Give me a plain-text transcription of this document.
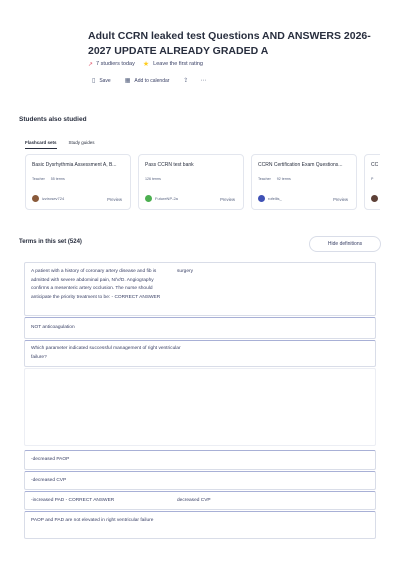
Adult CCRN leaked test Questions AND ANSWERS 2026-2027 UPDATE ALREADY GRADED A
↗ 7 studiers today ★ Leave the first rating
▯ Save ▦ Add to calendar ⇪ ⋯
Students also studied
Flashcard sets	Study guides
Basic Dysrhythmia Assessment A, B...
Teacher 55 terms
izzirosev724	Preview
Pass CCRN test bank
126 terms
FutureNP-2a	Preview
CCRN Certification Exam Questions...
Teacher 92 terms
rofellis_	Preview
CC
P
Terms in this set (524)	Hide definitions
A patient with a history of coronary artery disease and fib is admitted with severe abdominal pain, N/V/D. Angiography confirms a mesenteric artery occlusion. The nurse should anticipate the priority treatment to be: - CORRECT ANSWER
surgery
NOT anticoagulation
Which parameter indicated successful management of right ventricular failure?
-decreased PAOP
-decreased CVP
-increased PAD - CORRECT ANSWER	decreased CVP
PAOP and PAD are not elevated in right ventricular failure
